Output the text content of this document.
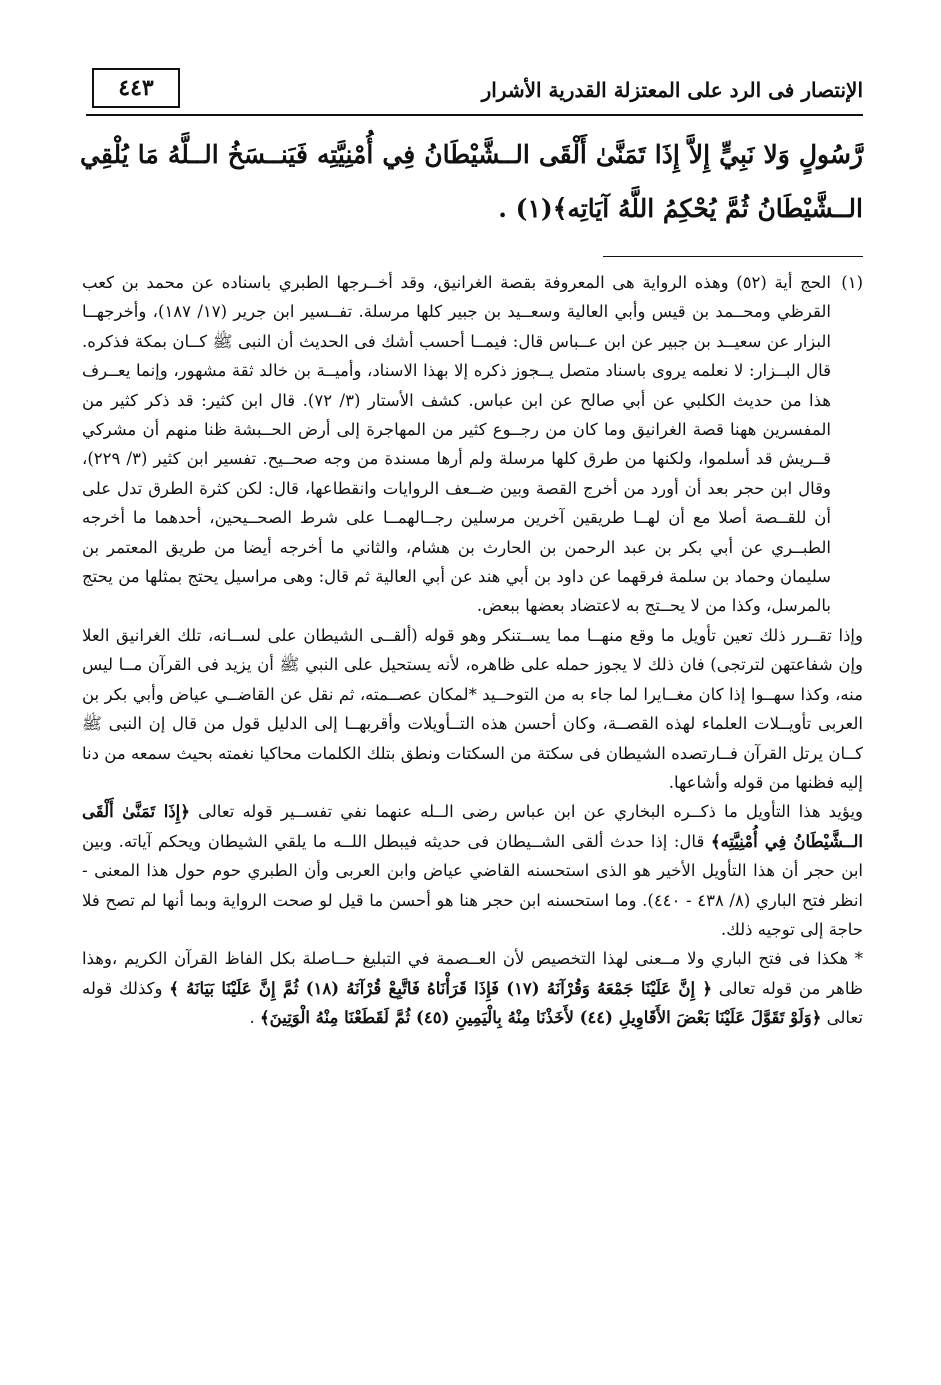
٤٤٣	الإنتصار فى الرد على المعتزلة القدرية الأشرار
رَّسُولٍ وَلا نَبِيٍّ إِلاَّ إِذَا تَمَنَّىٰ أَلْقَى الــشَّيْطَانُ فِي أُمْنِيَّتِه فَيَنــسَخُ الــلَّهُ مَا يُلْقِي الــشَّيْطَانُ ثُمَّ يُحْكِمُ اللَّهُ آيَاتِه﴾(١) .

(١)الحج أية (٥٢) وهذه الرواية هى المعروفة بقصة الغرانيق، وقد أخــرجها الطبري باسناده عن محمد بن كعب القرظي ومحــمد بن قيس وأبي العالية وسعــيد بن جبير كلها مرسلة. تفــسير ابن جرير (١٧/ ١٨٧)، وأخرجهــا البزار عن سعيــد بن جبير عن ابن عــباس قال: فيمــا أحسب أشك فى الحديث أن النبى ﷺ كــان بمكة فذكره. قال البــزار: لا نعلمه يروى باسناد متصل يــجوز ذكره إلا بهذا الاسناد، وأميــة بن خالد ثقة مشهور، وإنما يعــرف هذا من حديث الكلبي عن أبي صالح عن ابن عباس. كشف الأستار (٣/ ٧٢). قال ابن كثير: قد ذكر كثير من المفسرين ههنا قصة الغرانيق وما كان من رجــوع كثير من المهاجرة إلى أرض الحــبشة ظنا منهم أن مشركي قــريش قد أسلموا، ولكنها من طرق كلها مرسلة ولم أرها مسندة من وجه صحــيح. تفسير ابن كثير (٣/ ٢٢٩)، وقال ابن حجر بعد أن أورد من أخرج القصة وبين ضــعف الروايات وانقطاعها، قال: لكن كثرة الطرق تدل على أن للقــصة أصلا مع أن لهــا طريقين آخرين مرسلين رجــالهمــا على شرط الصحــيحين، أحدهما ما أخرجه الطبــري عن أبي بكر بن عبد الرحمن بن الحارث بن هشام، والثاني ما أخرجه أيضا من طريق المعتمر بن سليمان وحماد بن سلمة فرقهما عن داود بن أبي هند عن أبي العالية ثم قال: وهى مراسيل يحتج بمثلها من يحتج بالمرسل، وكذا من لا يحــتج به لاعتضاد بعضها ببعض.

وإذا تقــرر ذلك تعين تأويل ما وقع منهــا مما يســتنكر وهو قوله (ألقــى الشيطان على لســانه، تلك الغرانيق العلا وإن شفاعتهن لترتجى) فان ذلك لا يجوز حمله على ظاهره، لأنه يستحيل على النبي ﷺ أن يزيد فى القرآن مــا ليس منه، وكذا سهــوا إذا كان مغــايرا لما جاء به من التوحــيد *لمكان عصــمته، ثم نقل عن القاضــي عياض وأبي بكر بن العربى تأويــلات العلماء لهذه القصــة، وكان أحسن هذه التــأويلات وأقربهــا إلى الدليل قول من قال إن النبى ﷺ كــان يرتل القرآن فــارتصده الشيطان فى سكتة من السكتات ونطق بتلك الكلمات محاكيا نغمته بحيث سمعه من دنا إليه فظنها من قوله وأشاعها.

ويؤيد هذا التأويل ما ذكــره البخاري عن ابن عباس رضى الــله عنهما نفي تفســير قوله تعالى ﴿إِذَا تَمَنَّىٰ أَلْقَى الــشَّيْطَانُ فِي أُمْنِيَّتِه﴾ قال: إذا حدث ألقى الشــيطان فى حديثه فيبطل اللــه ما يلقي الشيطان ويحكم آياته. وبين ابن حجر أن هذا التأويل الأخير هو الذى استحسنه القاضي عياض وابن العربى وأن الطبري حوم حول هذا المعنى - انظر فتح الباري (٨/ ٤٣٨ - ٤٤٠). وما استحسنه ابن حجر هنا هو أحسن ما قيل لو صحت الرواية وبما أنها لم تصح فلا حاجة إلى توجيه ذلك.

* هكذا فى فتح الباري ولا مــعنى لهذا التخصيص لأن العــصمة في التبليغ حــاصلة بكل الفاظ القرآن الكريم ،وهذا ظاهر من قوله تعالى ﴿ إِنَّ عَلَيْنَا جَمْعَهُ وَقُرْآنَهُ (١٧) فَإِذَا قَرَأْنَاهُ فَاتَّبِعْ قُرْآنَهُ (١٨) ثُمَّ إِنَّ عَلَيْنَا بَيَانَهُ ﴾ وكذلك قوله تعالى ﴿وَلَوْ تَقَوَّلَ عَلَيْنَا بَعْضَ الأَقَاوِيلِ (٤٤) لأَخَذْنَا مِنْهُ بِالْيَمِينِ (٤٥) ثُمَّ لَقَطَعْنَا مِنْهُ الْوَتِينَ﴾ .
